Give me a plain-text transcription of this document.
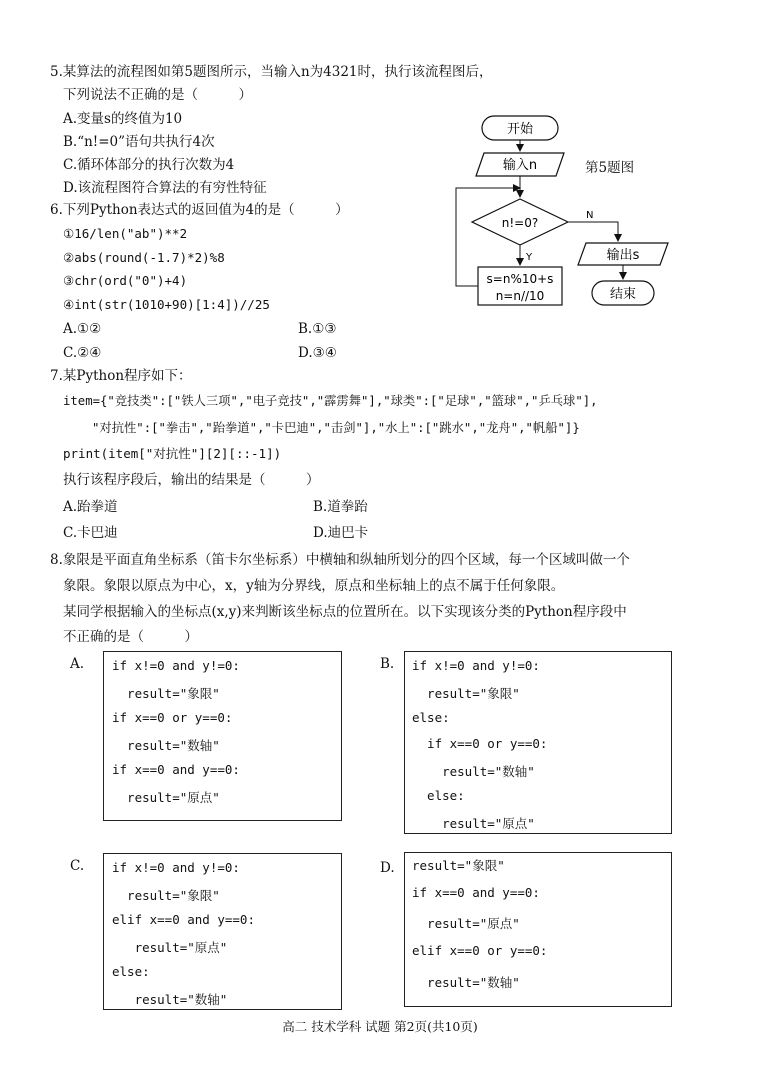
5.某算法的流程图如第5题图所示，当输入n为4321时，执行该流程图后，
下列说法不正确的是（　　　）
A.变量s的终值为10
B.“n!=0”语句共执行4次
C.循环体部分的执行次数为4
D.该流程图符合算法的有穷性特征
开始
输入n
n!=0?
Y
s=n%10+s
n=n//10
N
输出s
结束
第5题图
6.下列Python表达式的返回值为4的是（　　　）
①16/len("ab")**2
②abs(round(-1.7)*2)%8
③chr(ord("0")+4)
④int(str(1010+90)[1:4])//25
A.①②	B.①③
C.②④	D.③④
7.某Python程序如下：
item={"竞技类":["铁人三项","电子竞技","霹雳舞"],"球类":["足球","篮球","乒乓球"],
"对抗性":["拳击","跆拳道","卡巴迪","击剑"],"水上":["跳水","龙舟","帆船"]}
print(item["对抗性"][2][::-1])
执行该程序段后，输出的结果是（　　　）
A.跆拳道	B.道拳跆
C.卡巴迪	D.迪巴卡
8.象限是平面直角坐标系（笛卡尔坐标系）中横轴和纵轴所划分的四个区域，每一个区域叫做一个
象限。象限以原点为中心，x，y轴为分界线，原点和坐标轴上的点不属于任何象限。
某同学根据输入的坐标点(x,y)来判断该坐标点的位置所在。以下实现该分类的Python程序段中
不正确的是（　　　）
A. if x!=0 and y!=0:
result="象限"
if x==0 or y==0:
result="数轴"
if x==0 and y==0:
result="原点"
B. if x!=0 and y!=0:
result="象限"
else:
if x==0 or y==0:
result="数轴"
else:
result="原点"
C. if x!=0 and y!=0:
result="象限"
elif x==0 and y==0:
result="原点"
else:
result="数轴"
D. result="象限"
if x==0 and y==0:
result="原点"
elif x==0 or y==0:
result="数轴"
高二 技术学科 试题 第2页(共10页)
